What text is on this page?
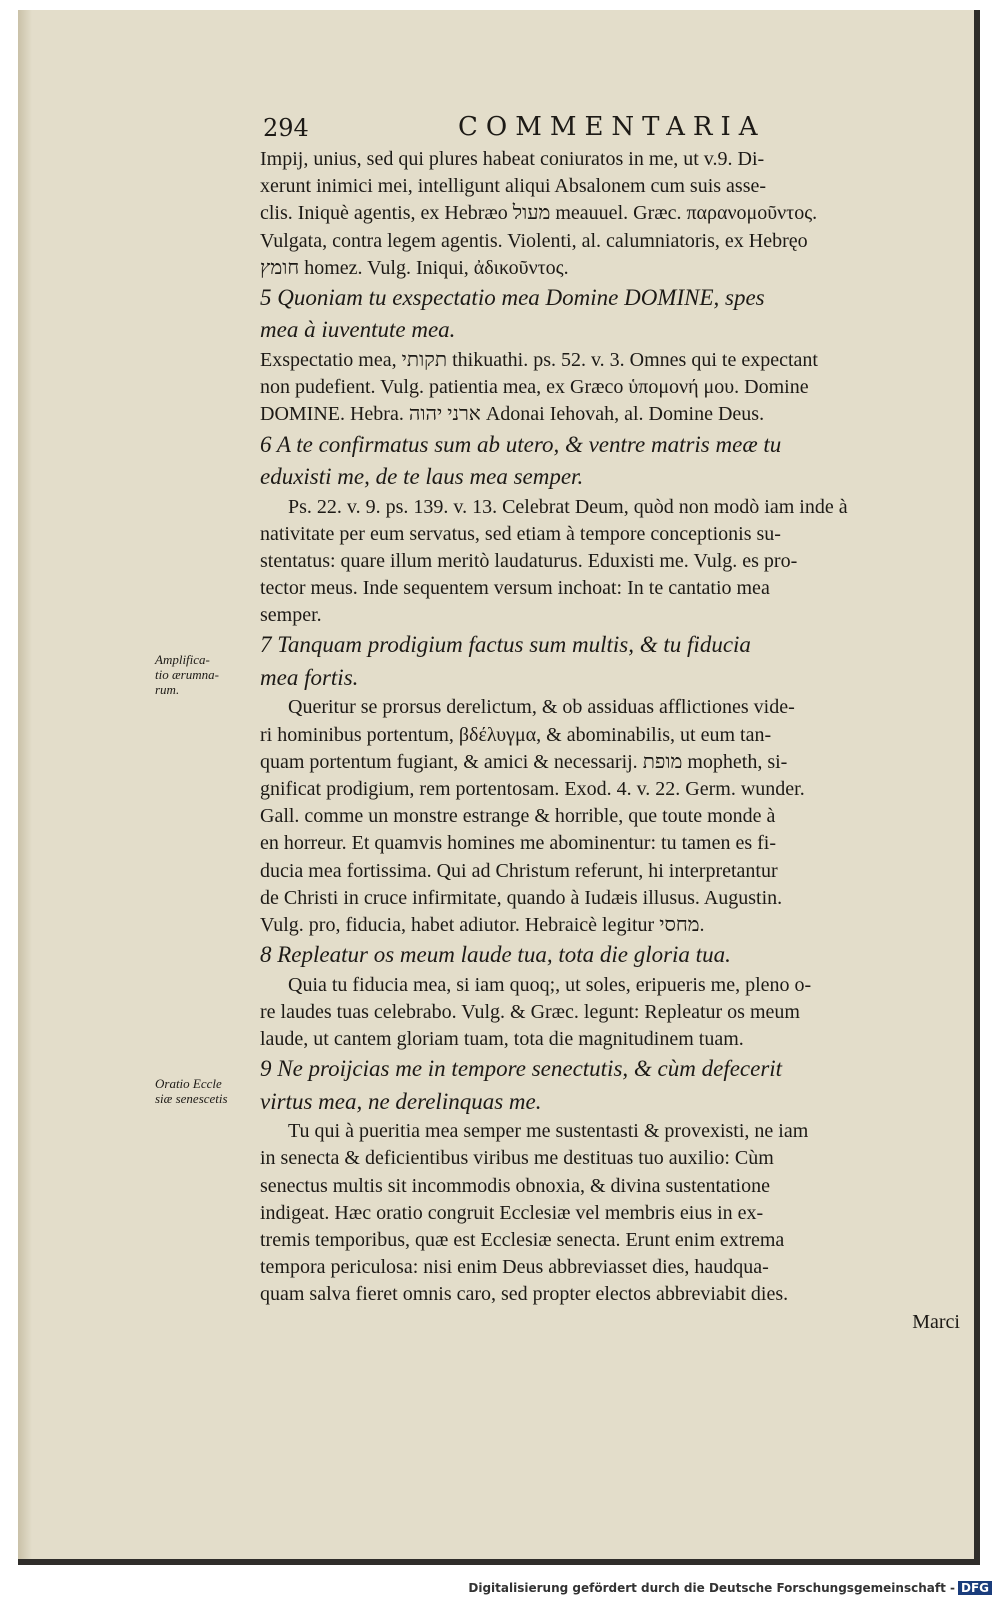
294	COMMENTARIA
Amplifica-
tio ærumna-
rum.
Oratio Eccle
siæ senescetis
Impij, unius, sed qui plures habeat coniuratos in me, ut v.9. Di-
xerunt inimici mei, intelligunt aliqui Absalonem cum suis asse-
clis. Iniquè agentis, ex Hebræo מעול meauuel. Græc. παρανομοῦντος.
Vulgata, contra legem agentis. Violenti, al. calumniatoris, ex Hebręo
חומץ homez. Vulg. Iniqui, ἀδικοῦντος.
5 Quoniam tu exspectatio mea Domine DOMINE, spes
mea à iuventute mea.
Exspectatio mea, תקותי thikuathi. ps. 52. v. 3. Omnes qui te expectant
non pudefient. Vulg. patientia mea, ex Græco ὑπομονή μου. Domine
DOMINE. Hebra. ארני יהוה Adonai Iehovah, al. Domine Deus.
6 A te confirmatus sum ab utero, & ventre matris meæ tu
eduxisti me, de te laus mea semper.
Ps. 22. v. 9. ps. 139. v. 13. Celebrat Deum, quòd non modò iam inde à
nativitate per eum servatus, sed etiam à tempore conceptionis su-
stentatus: quare illum meritò laudaturus. Eduxisti me. Vulg. es pro-
tector meus. Inde sequentem versum inchoat: In te cantatio mea
semper.
7 Tanquam prodigium factus sum multis, & tu fiducia
mea fortis.
Queritur se prorsus derelictum, & ob assiduas afflictiones vide-
ri hominibus portentum, βδέλυγμα, & abominabilis, ut eum tan-
quam portentum fugiant, & amici & necessarij. מופת mopheth, si-
gnificat prodigium, rem portentosam. Exod. 4. v. 22. Germ. wunder.
Gall. comme un monstre estrange & horrible, que toute monde à
en horreur. Et quamvis homines me abominentur: tu tamen es fi-
ducia mea fortissima. Qui ad Christum referunt, hi interpretantur
de Christi in cruce infirmitate, quando à Iudæis illusus. Augustin.
Vulg. pro, fiducia, habet adiutor. Hebraicè legitur מחסי.
8 Repleatur os meum laude tua, tota die gloria tua.
Quia tu fiducia mea, si iam quoq;, ut soles, eripueris me, pleno o-
re laudes tuas celebrabo. Vulg. & Græc. legunt: Repleatur os meum
laude, ut cantem gloriam tuam, tota die magnitudinem tuam.
9 Ne proijcias me in tempore senectutis, & cùm defecerit
virtus mea, ne derelinquas me.
Tu qui à pueritia mea semper me sustentasti & provexisti, ne iam
in senecta & deficientibus viribus me destituas tuo auxilio: Cùm
senectus multis sit incommodis obnoxia, & divina sustentatione
indigeat. Hæc oratio congruit Ecclesiæ vel membris eius in ex-
tremis temporibus, quæ est Ecclesiæ senecta. Erunt enim extrema
tempora periculosa: nisi enim Deus abbreviasset dies, haudqua-
quam salva fieret omnis caro, sed propter electos abbreviabit dies.
Marci
Digitalisierung gefördert durch die Deutsche Forschungsgemeinschaft - DFG
